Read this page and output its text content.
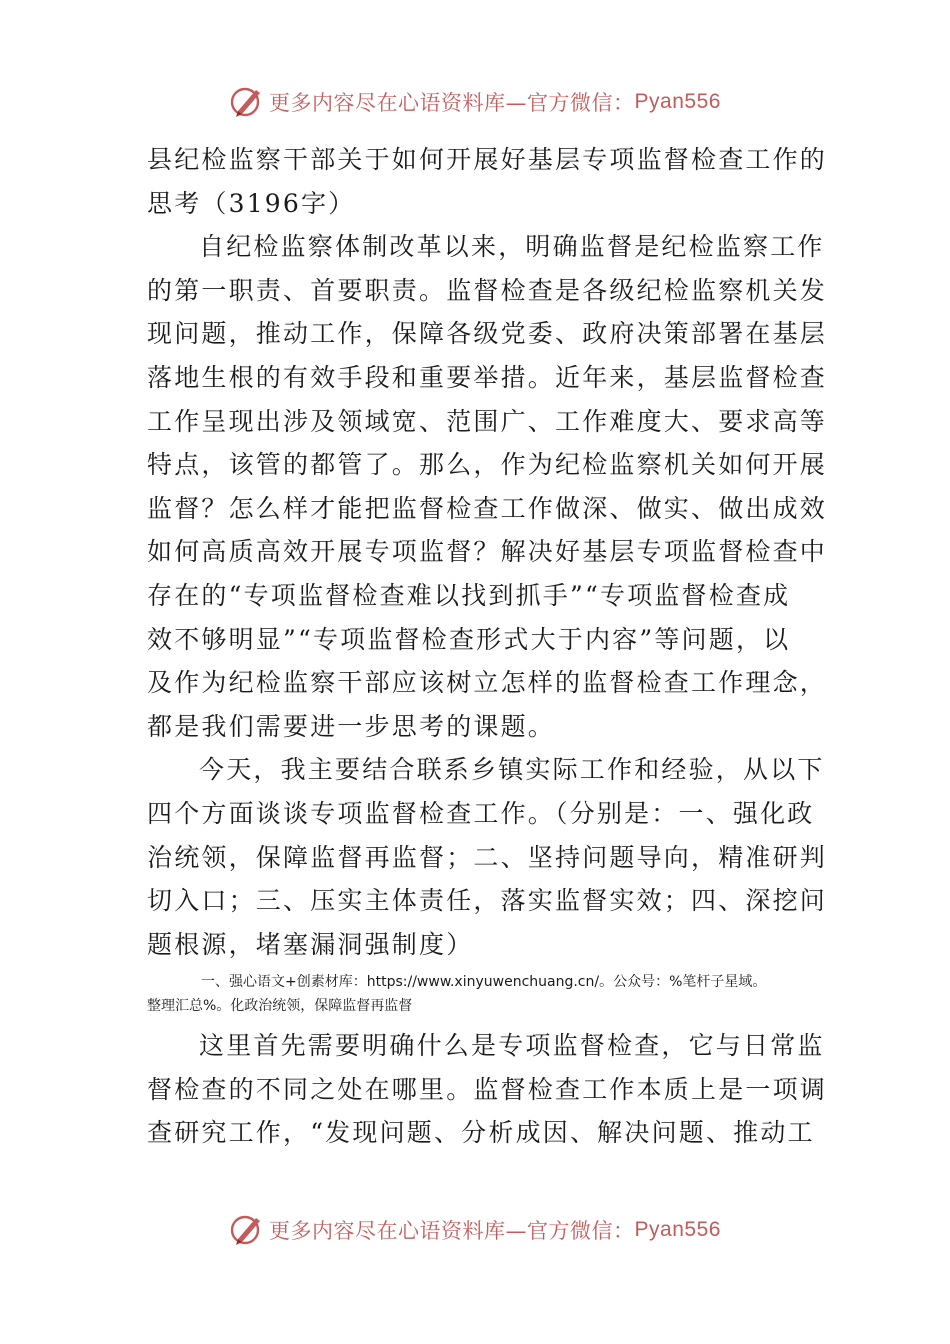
更多内容尽在心语资料库—官方微信： Pyan556
县纪检监察干部关于如何开展好基层专项监督检查工作的
思考（3196字）
自纪检监察体制改革以来，明确监督是纪检监察工作
的第一职责、首要职责。监督检查是各级纪检监察机关发
现问题，推动工作，保障各级党委、政府决策部署在基层
落地生根的有效手段和重要举措。近年来，基层监督检查
工作呈现出涉及领域宽、范围广、工作难度大、要求高等
特点，该管的都管了。那么，作为纪检监察机关如何开展
监督？怎么样才能把监督检查工作做深、做实、做出成效
如何高质高效开展专项监督？解决好基层专项监督检查中
存在的“专项监督检查难以找到抓手”“专项监督检查成
效不够明显”“专项监督检查形式大于内容”等问题，以
及作为纪检监察干部应该树立怎样的监督检查工作理念，
都是我们需要进一步思考的课题。
今天，我主要结合联系乡镇实际工作和经验，从以下
四个方面谈谈专项监督检查工作。（分别是：一、强化政
治统领，保障监督再监督；二、坚持问题导向，精准研判
切入口；三、压实主体责任，落实监督实效；四、深挖问
题根源，堵塞漏洞强制度）
一、强心语文+创素材库：https://www.xinyuwenchuang.cn/。公众号：%笔杆子星域。
整理汇总%。化政治统领，保障监督再监督
这里首先需要明确什么是专项监督检查，它与日常监
督检查的不同之处在哪里。监督检查工作本质上是一项调
查研究工作，“发现问题、分析成因、解决问题、推动工
更多内容尽在心语资料库—官方微信： Pyan556
